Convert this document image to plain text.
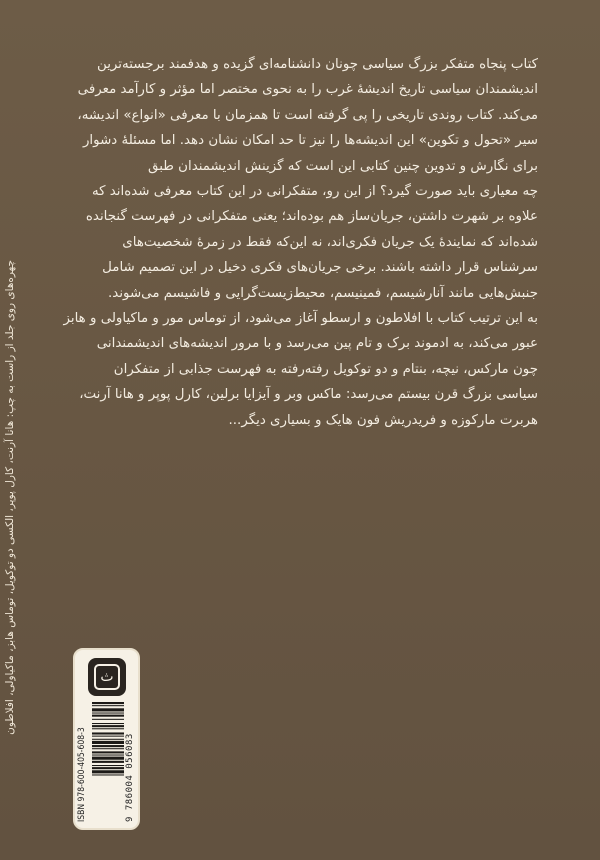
کتاب پنجاه متفکر بزرگ سیاسی چونان دانشنامه‌ای گزیده و هدفمند برجسته‌ترین
اندیشمندان سیاسی تاریخ اندیشهٔ غرب را به نحوی مختصر اما مؤثر و کارآمد معرفی
می‌کند. کتاب روندی تاریخی را پی گرفته است تا همزمان با معرفی «انواع» اندیشه،
سیر «تحول و تکوین» این اندیشه‌ها را نیز تا حد امکان نشان دهد. اما مسئلهٔ دشوار
برای نگارش و تدوین چنین کتابی این است که گزینش اندیشمندان طبق
چه معیاری باید صورت گیرد؟ از این رو، متفکرانی در این کتاب معرفی شده‌اند که
علاوه بر شهرت داشتن، جریان‌ساز هم بوده‌اند؛ یعنی متفکرانی در فهرست گنجانده
شده‌اند که نمایندهٔ یک جریان فکری‌اند، نه این‌که فقط در زمرهٔ شخصیت‌های
سرشناس قرار داشته باشند. برخی جریان‌های فکری دخیل در این تصمیم شامل
جنبش‌هایی مانند آنارشیسم، فمینیسم، محیط‌زیست‌گرایی و فاشیسم می‌شوند.
به این ترتیب کتاب با افلاطون و ارسطو آغاز می‌شود، از توماس مور و ماکیاولی و هابز
عبور می‌کند، به ادموند برک و تام پین می‌رسد و با مرور اندیشه‌های اندیشمندانی
چون مارکس، نیچه، بنتام و دو توکویل رفته‌رفته به فهرست جذابی از متفکران
سیاسی بزرگ قرن بیستم می‌رسد: ماکس وبر و آیزایا برلین، کارل پوپر و هانا آرنت،
هربرت مارکوزه و فریدریش فون هایک و بسیاری دیگر...
چهره‌های روی جلد از راست به چپ: هانا آرنت، کارل پوپر، الکسی دو توکویل، توماس هابز، ماکیاولی، افلاطون	ث
ISBN 978-600-405-608-3	9 786004 056083
